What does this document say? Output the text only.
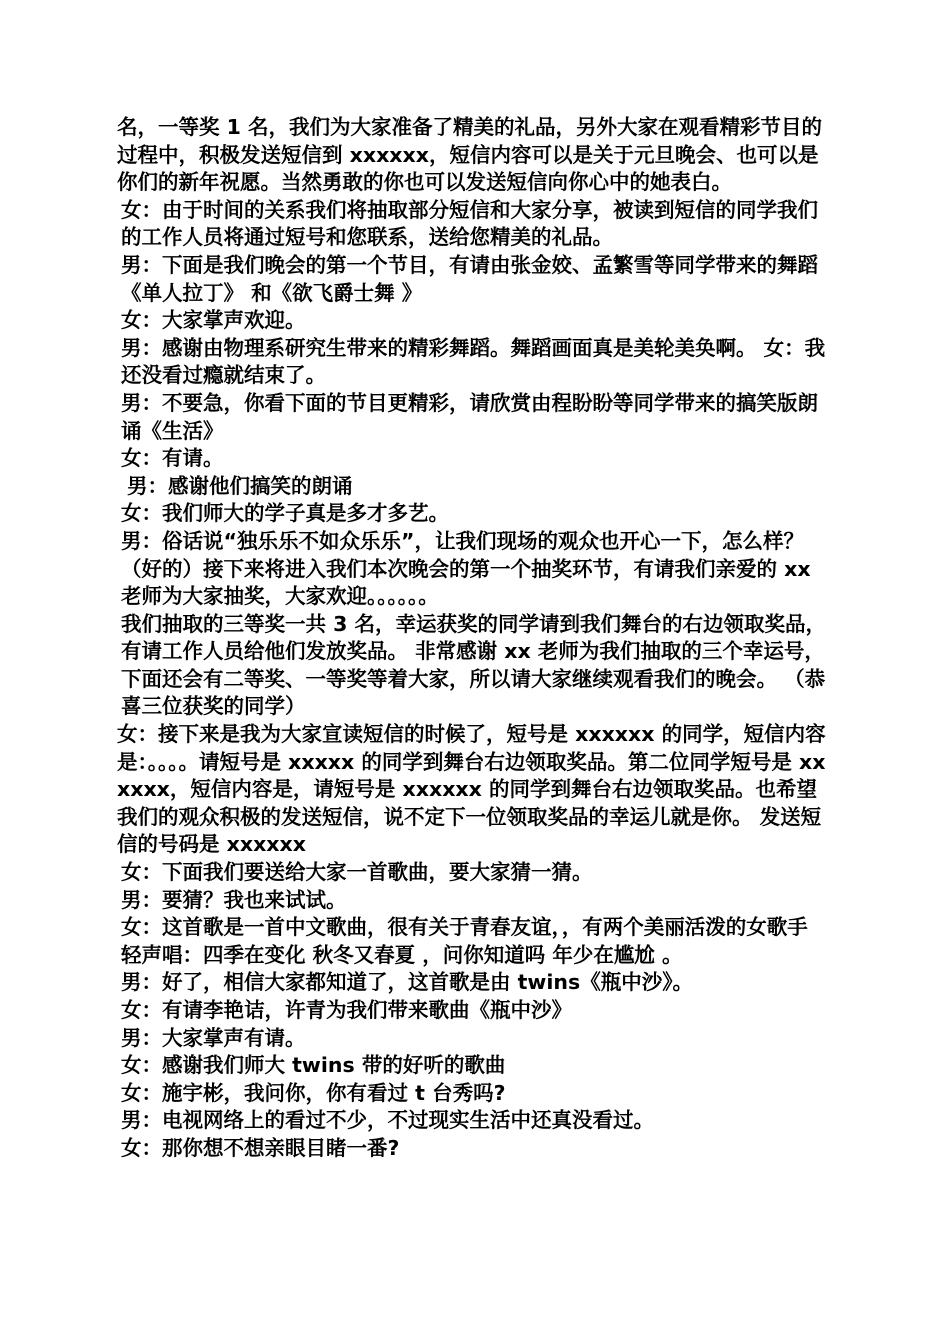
名，一等奖 1 名，我们为大家准备了精美的礼品，另外大家在观看精彩节目的过程中，积极发送短信到 xxxxxx，短信内容可以是关于元旦晚会、也可以是你们的新年祝愿。当然勇敢的你也可以发送短信向你心中的她表白。

女：由于时间的关系我们将抽取部分短信和大家分享，被读到短信的同学我们的工作人员将通过短号和您联系，送给您精美的礼品。

男：下面是我们晚会的第一个节目，有请由张金姣、孟繁雪等同学带来的舞蹈《单人拉丁》 和《欲飞爵士舞 》

女：大家掌声欢迎。

男：感谢由物理系研究生带来的精彩舞蹈。舞蹈画面真是美轮美奂啊。 女：我还没看过瘾就结束了。

男：不要急，你看下面的节目更精彩，请欣赏由程盼盼等同学带来的搞笑版朗诵《生活》

女：有请。

男：感谢他们搞笑的朗诵

女：我们师大的学子真是多才多艺。

男：俗话说“独乐乐不如众乐乐”，让我们现场的观众也开心一下，怎么样？ （好的）接下来将进入我们本次晚会的第一个抽奖环节，有请我们亲爱的 xx 老师为大家抽奖，大家欢迎。。。。。。

我们抽取的三等奖一共 3 名，幸运获奖的同学请到我们舞台的右边领取奖品，有请工作人员给他们发放奖品。 非常感谢 xx 老师为我们抽取的三个幸运号，下面还会有二等奖、一等奖等着大家，所以请大家继续观看我们的晚会。 （恭喜三位获奖的同学）

女：接下来是我为大家宣读短信的时候了，短号是 xxxxxx 的同学，短信内容是：。。。。请短号是 xxxxx 的同学到舞台右边领取奖品。第二位同学短号是 xxxxxx，短信内容是，请短号是 xxxxxx 的同学到舞台右边领取奖品。也希望我们的观众积极的发送短信，说不定下一位领取奖品的幸运儿就是你。 发送短信的号码是 xxxxxx

女：下面我们要送给大家一首歌曲，要大家猜一猜。

男：要猜？我也来试试。

女：这首歌是一首中文歌曲，很有关于青春友谊，，有两个美丽活泼的女歌手

轻声唱：四季在变化 秋冬又春夏 ，问你知道吗 年少在尴尬 。

男：好了，相信大家都知道了，这首歌是由 twins《瓶中沙》。

女：有请李艳诘，许青为我们带来歌曲《瓶中沙》

男：大家掌声有请。

女：感谢我们师大 twins 带的好听的歌曲

女：施宇彬，我问你，你有看过 t 台秀吗?

男：电视网络上的看过不少，不过现实生活中还真没看过。

女：那你想不想亲眼目睹一番?
